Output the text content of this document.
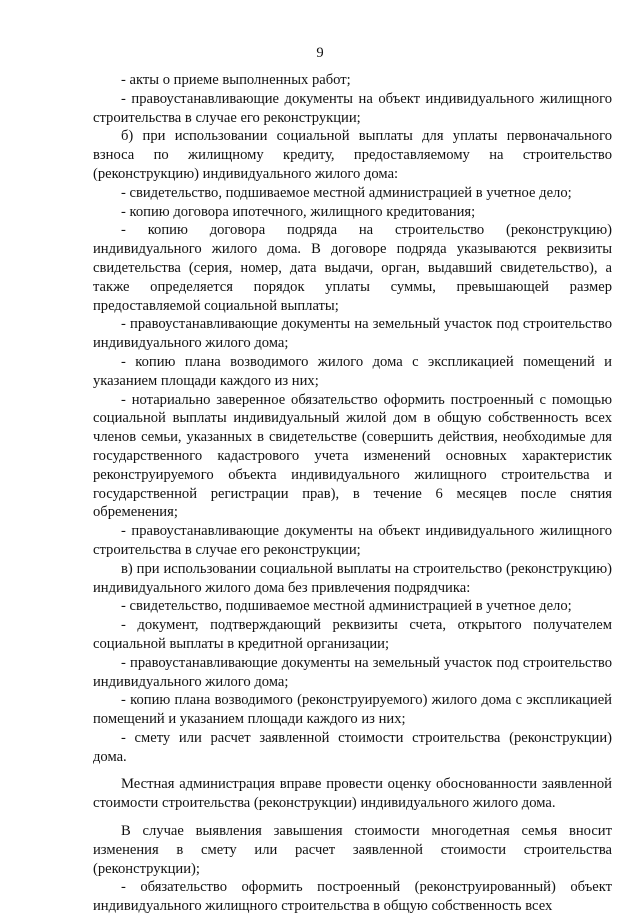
9

- акты о приеме выполненных работ;

- правоустанавливающие документы на объект индивидуального жилищного строительства в случае его реконструкции;

б) при использовании социальной выплаты для уплаты первоначального взноса по жилищному кредиту, предоставляемому на строительство (реконструкцию) индивидуального жилого дома:

- свидетельство, подшиваемое местной администрацией в учетное дело;

- копию договора ипотечного, жилищного кредитования;

- копию договора подряда на строительство (реконструкцию) индивидуального жилого дома. В договоре подряда указываются реквизиты свидетельства (серия, номер, дата выдачи, орган, выдавший свидетельство), а также определяется порядок уплаты суммы, превышающей размер предоставляемой социальной выплаты;

- правоустанавливающие документы на земельный участок под строительство индивидуального жилого дома;

- копию плана возводимого жилого дома с экспликацией помещений и указанием площади каждого из них;

- нотариально заверенное обязательство оформить построенный с помощью социальной выплаты индивидуальный жилой дом в общую собственность всех членов семьи, указанных в свидетельстве (совершить действия, необходимые для государственного кадастрового учета изменений основных характеристик реконструируемого объекта индивидуального жилищного строительства и государственной регистрации прав), в течение 6 месяцев после снятия обременения;

- правоустанавливающие документы на объект индивидуального жилищного строительства в случае его реконструкции;

в) при использовании социальной выплаты на строительство (реконструкцию) индивидуального жилого дома без привлечения подрядчика:

- свидетельство, подшиваемое местной администрацией в учетное дело;

- документ, подтверждающий реквизиты счета, открытого получателем социальной выплаты в кредитной организации;

- правоустанавливающие документы на земельный участок под строительство индивидуального жилого дома;

- копию плана возводимого (реконструируемого) жилого дома с экспликацией помещений и указанием площади каждого из них;

- смету или расчет заявленной стоимости строительства (реконструкции) дома.

Местная администрация вправе провести оценку обоснованности заявленной стоимости строительства (реконструкции) индивидуального жилого дома.

В случае выявления завышения стоимости многодетная семья вносит изменения в смету или расчет заявленной стоимости строительства (реконструкции);

- обязательство оформить построенный (реконструированный) объект индивидуального жилищного строительства в общую собственность всех
